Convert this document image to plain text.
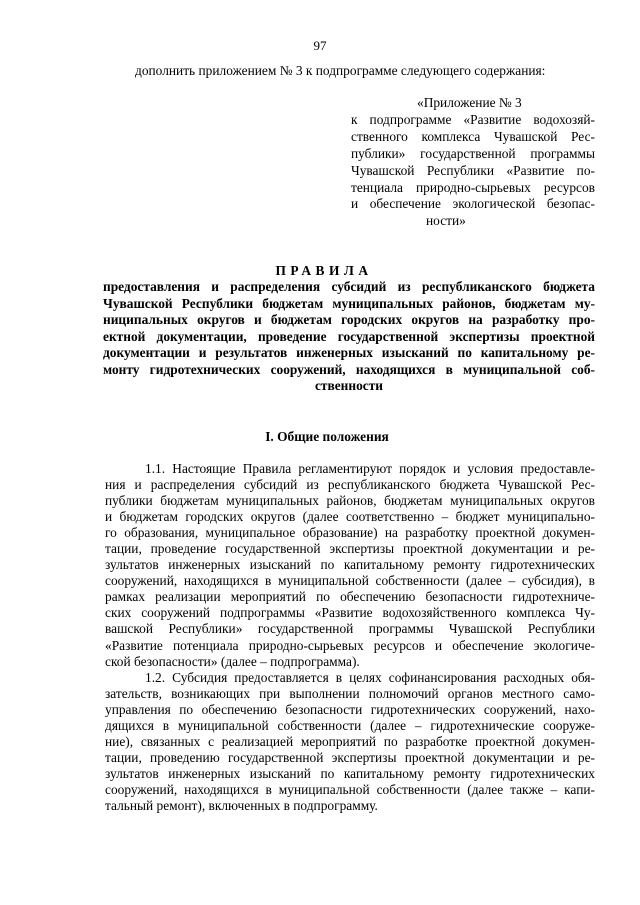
97
дополнить приложением № 3 к подпрограмме следующего содержания:
«Приложение № 3
к подпрограмме «Развитие водохозяй-
ственного комплекса Чувашской Рес-
публики» государственной программы
Чувашской Республики «Развитие по-
тенциала природно-сырьевых ресурсов
и обеспечение экологической безопас-
ности»
ПРАВИЛА
предоставления и распределения субсидий из республиканского бюджета
Чувашской Республики бюджетам муниципальных районов, бюджетам му-
ниципальных округов и бюджетам городских округов на разработку про-
ектной документации, проведение государственной экспертизы проектной
документации и результатов инженерных изысканий по капитальному ре-
монту гидротехнических сооружений, находящихся в муниципальной соб-
ственности
I. Общие положения
1.1. Настоящие Правила регламентируют порядок и условия предоставле-
ния и распределения субсидий из республиканского бюджета Чувашской Рес-
публики бюджетам муниципальных районов, бюджетам муниципальных округов
и бюджетам городских округов (далее соответственно – бюджет муниципально-
го образования, муниципальное образование) на разработку проектной докумен-
тации, проведение государственной экспертизы проектной документации и ре-
зультатов инженерных изысканий по капитальному ремонту гидротехнических
сооружений, находящихся в муниципальной собственности (далее – субсидия), в
рамках реализации мероприятий по обеспечению безопасности гидротехниче-
ских сооружений подпрограммы «Развитие водохозяйственного комплекса Чу-
вашской Республики» государственной программы Чувашской Республики
«Развитие потенциала природно-сырьевых ресурсов и обеспечение экологиче-
ской безопасности» (далее – подпрограмма).
1.2. Субсидия предоставляется в целях софинансирования расходных обя-
зательств, возникающих при выполнении полномочий органов местного само-
управления по обеспечению безопасности гидротехнических сооружений, нахо-
дящихся в муниципальной собственности (далее – гидротехнические сооруже-
ние), связанных с реализацией мероприятий по разработке проектной докумен-
тации, проведению государственной экспертизы проектной документации и ре-
зультатов инженерных изысканий по капитальному ремонту гидротехнических
сооружений, находящихся в муниципальной собственности (далее также – капи-
тальный ремонт), включенных в подпрограмму.
